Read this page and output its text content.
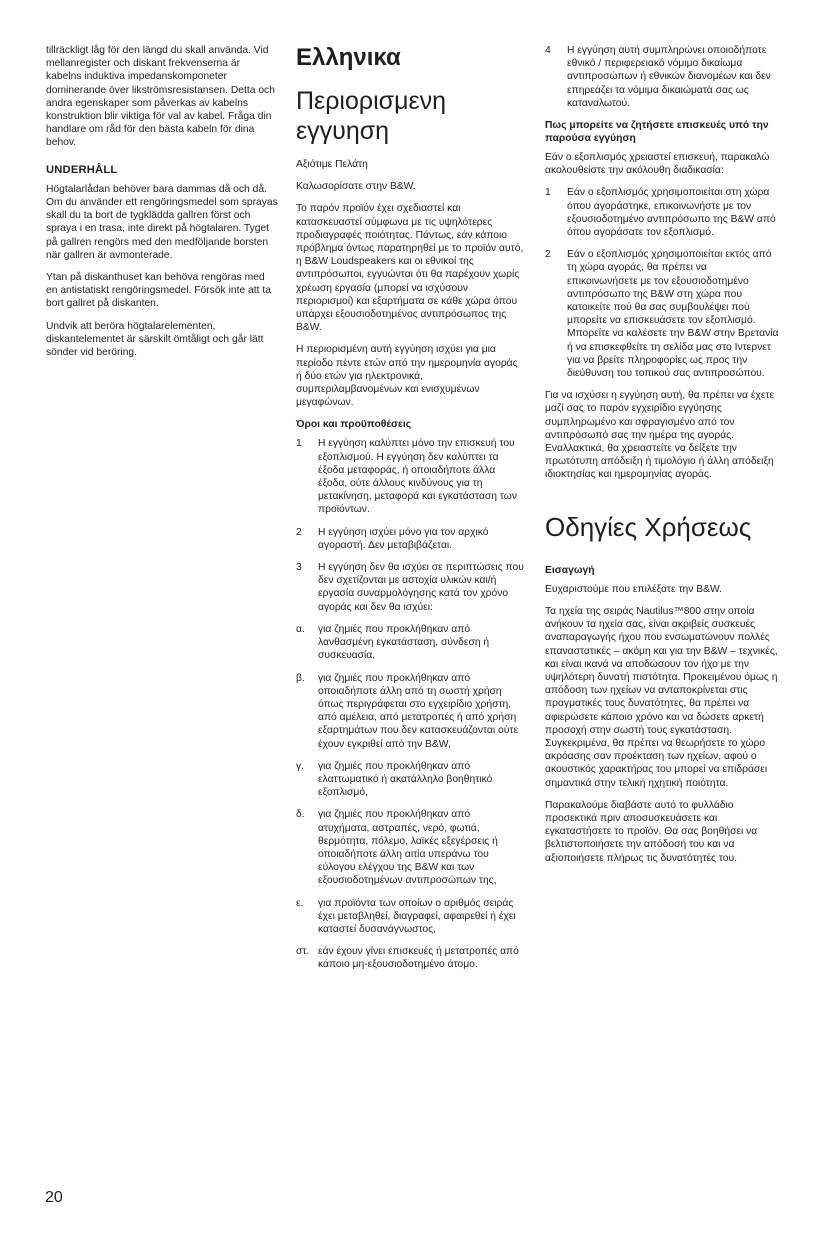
tillräckligt låg för den längd du skall använda. Vid mellanregister och diskant frekvenserna är kabelns induktiva impedanskomponeter dominerande över likströmsresistansen. Detta och andra egenskaper som påverkas av kabelns konstruktion blir viktiga för val av kabel. Fråga din handlare om råd för den bästa kabeln för dina behov.

UNDERHÅLL

Högtalarlådan behöver bara dammas då och då. Om du använder ett rengöringsmedel som sprayas skall du ta bort de tygklädda gallren först och spraya i en trasa, inte direkt på högtalaren. Tyget på gallren rengörs med den medföljande borsten när gallren är avmonterade.

Ytan på diskanthuset kan behöva rengöras med en antistatiskt rengöringsmedel. Försök inte att ta bort gallret på diskanten.

Undvik att beröra högtalarelementen, diskantelementet är särskilt ömtåligt och går lätt sönder vid beröring.

Ελληνικα
Περιορισμενη εγγυηση

Αξιότιμε Πελάτη

Καλωσορίσατε στην B&W.

Το παρόν προϊόν έχει σχεδιαστεί και κατασκευαστεί σύμφωνα με τις υψηλότερες προδιαγραφές ποιότητας. Πάντως, εάν κάποιο πρόβλημα όντως παρατηρηθεί με το προϊόν αυτό, η B&W Loudspeakers και οι εθνικοί της αντιπρόσωποι, εγγυώνται ότι θα παρέχουν χωρίς χρέωση εργασία (μπορεί να ισχύσουν περιορισμοί) και εξαρτήματα σε κάθε χώρα όπου υπάρχει εξουσιοδοτημένος αντιπρόσωπος της B&W.

Η περιορισμένη αυτή εγγύηση ισχύει για μια περίοδο πέντε ετών από την ημερομηνία αγοράς ή δύο ετών για ηλεκτρονικά, συμπεριλαμβανομένων και ενισχυμένων μεγαφώνων.

Όροι και προϋποθέσεις
1	Η εγγύηση καλύπτει μόνο την επισκευή του εξοπλισμού. Η εγγύηση δεν καλύπτει τα έξοδα μεταφοράς, ή οποιαδήποτε άλλα έξοδα, ούτε άλλους κινδύνους για τη μετακίνηση, μεταφορά και εγκατάσταση των προϊόντων.
2	Η εγγύηση ισχύει μόνο για τον αρχικό αγοραστή. Δεν μεταβιβάζεται.
3	Η εγγύηση δεν θα ισχύει σε περιπτώσεις που δεν σχετίζονται με αστοχία υλικών και/ή εργασία συναρμολόγησης κατά τον χρόνο αγοράς και δεν θα ισχύει:
α.	για ζημιές που προκλήθηκαν από λανθασμένη εγκατάσταση, σύνδεση ή συσκευασία,
β.	για ζημιές που προκλήθηκαν από οποιαδήποτε άλλη από τη σωστή χρήση όπως περιγράφεται στο εγχειρίδιο χρήστη, από αμέλεια, από μετατροπές ή από χρήση εξαρτημάτων που δεν κατασκευάζονται ούτε έχουν εγκριθεί από την B&W,
γ.	για ζημιές που προκλήθηκαν από ελαττωματικό ή ακατάλληλο βοηθητικό εξοπλισμό,
δ.	για ζημιές που προκλήθηκαν από ατυχήματα, αστραπές, νερό, φωτιά, θερμότητα, πόλεμο, λαϊκές εξεγέρσεις ή οποιαδήποτε άλλη αιτία υπεράνω του εύλογου ελέγχου της B&W και των εξουσιοδοτημένων αντιπροσώπων της,
ε.	για προϊόντα των οποίων ο αριθμός σειράς έχει μεταβληθεί, διαγραφεί, αφαιρεθεί ή έχει καταστεί δυσανάγνωστος,
στ. εάν έχουν γίνει επισκευές ή μετατροπές από κάποιο μη-εξουσιοδοτημένο άτομο.
4	Η εγγύηση αυτή συμπληρώνει οποιοδήποτε εθνικό / περιφερειακό νόμιμο δικαίωμα αντιπροσώπων ή εθνικών διανομέων και δεν επηρεάζει τα νόμιμα δικαιώματά σας ως καταναλωτού.
Πως μπορείτε να ζητήσετε επισκευές υπό την παρούσα εγγύηση

Εάν ο εξοπλισμός χρειαστεί επισκευή, παρακαλώ ακολουθείστε την ακόλουθη διαδικασία:

1	Εάν ο εξοπλισμός χρησιμοποιείται στη χώρα όπου αγοράστηκε, επικοινωνήστε με τον εξουσιοδοτημένο αντιπρόσωπο της B&W από όπου αγοράσατε τον εξοπλισμό.
2	Εάν ο εξοπλισμός χρησιμοποιείται εκτός από τη χώρα αγοράς, θα πρέπει να επικοινωνήσετε με τον εξουσιοδοτημένο αντιπρόσωπο της B&W στη χώρα που κατοικείτε πού θα σας συμβουλέψει πού μπορείτε να επισκευάσετε τον εξοπλισμό. Μπορείτε να καλέσετε την B&W στην Βρετανία ή να επισκεφθείτε τη σελίδα μας στο Ιντερνετ για να βρείτε πληροφορίες ως προς την διεύθυνση του τοπικού σας αντιπροσώπου.

Για να ισχύσει η εγγύηση αυτή, θα πρέπει να έχετε μαζί σας το παρόν εγχειρίδιο εγγύησης συμπληρωμένο και σφραγισμένο από τον αντιπρόσωπό σας την ημέρα της αγοράς. Εναλλακτικά, θα χρειαστείτε να δείξετε την πρωτότυπη απόδειξη ή τιμολόγιο ή άλλη απόδειξη ιδιοκτησίας και ημερομηνίας αγοράς.

Οδηγίες Χρήσεως
Εισαγωγή

Ευχαριστούμε που επιλέξατε την B&W.

Τα ηχεία της σειράς Nautilus™800 στην οποία ανήκουν τα ηχεία σας, είναι ακριβείς συσκευές αναπαραγωγής ήχου που ενσωματώνουν πολλές επαναστατικές – ακόμη και για την B&W – τεχνικές, και είναι ικανά να αποδώσουν τον ήχο με την υψηλότερη δυνατή πιστότητα. Προκειμένου όμως η απόδοση των ηχείων να ανταποκρίνεται στις πραγματικές τους δυνατότητες, θα πρέπει να αφιερώσετε κάποιο χρόνο και να δώσετε αρκετή προσοχή στην σωστή τους εγκατάσταση. Συγκεκριμένα, θα πρέπει να θεωρήσετε το χώρο ακρόασης σαν προέκταση των ηχείων, αφού ο ακουστικός χαρακτήρας του μπορεί να επιδράσει σημαντικά στην τελική ηχητική ποιότητα.

Παρακαλούμε διαβάστε αυτό το φυλλάδιο προσεκτικά πριν αποσυσκευάσετε και εγκαταστήσετε το προϊόν. Θα σας βοηθήσει να βελτιστοποιήσετε την απόδοσή του και να αξιοποιήσετε πλήρως τις δυνατότητές του.

20
